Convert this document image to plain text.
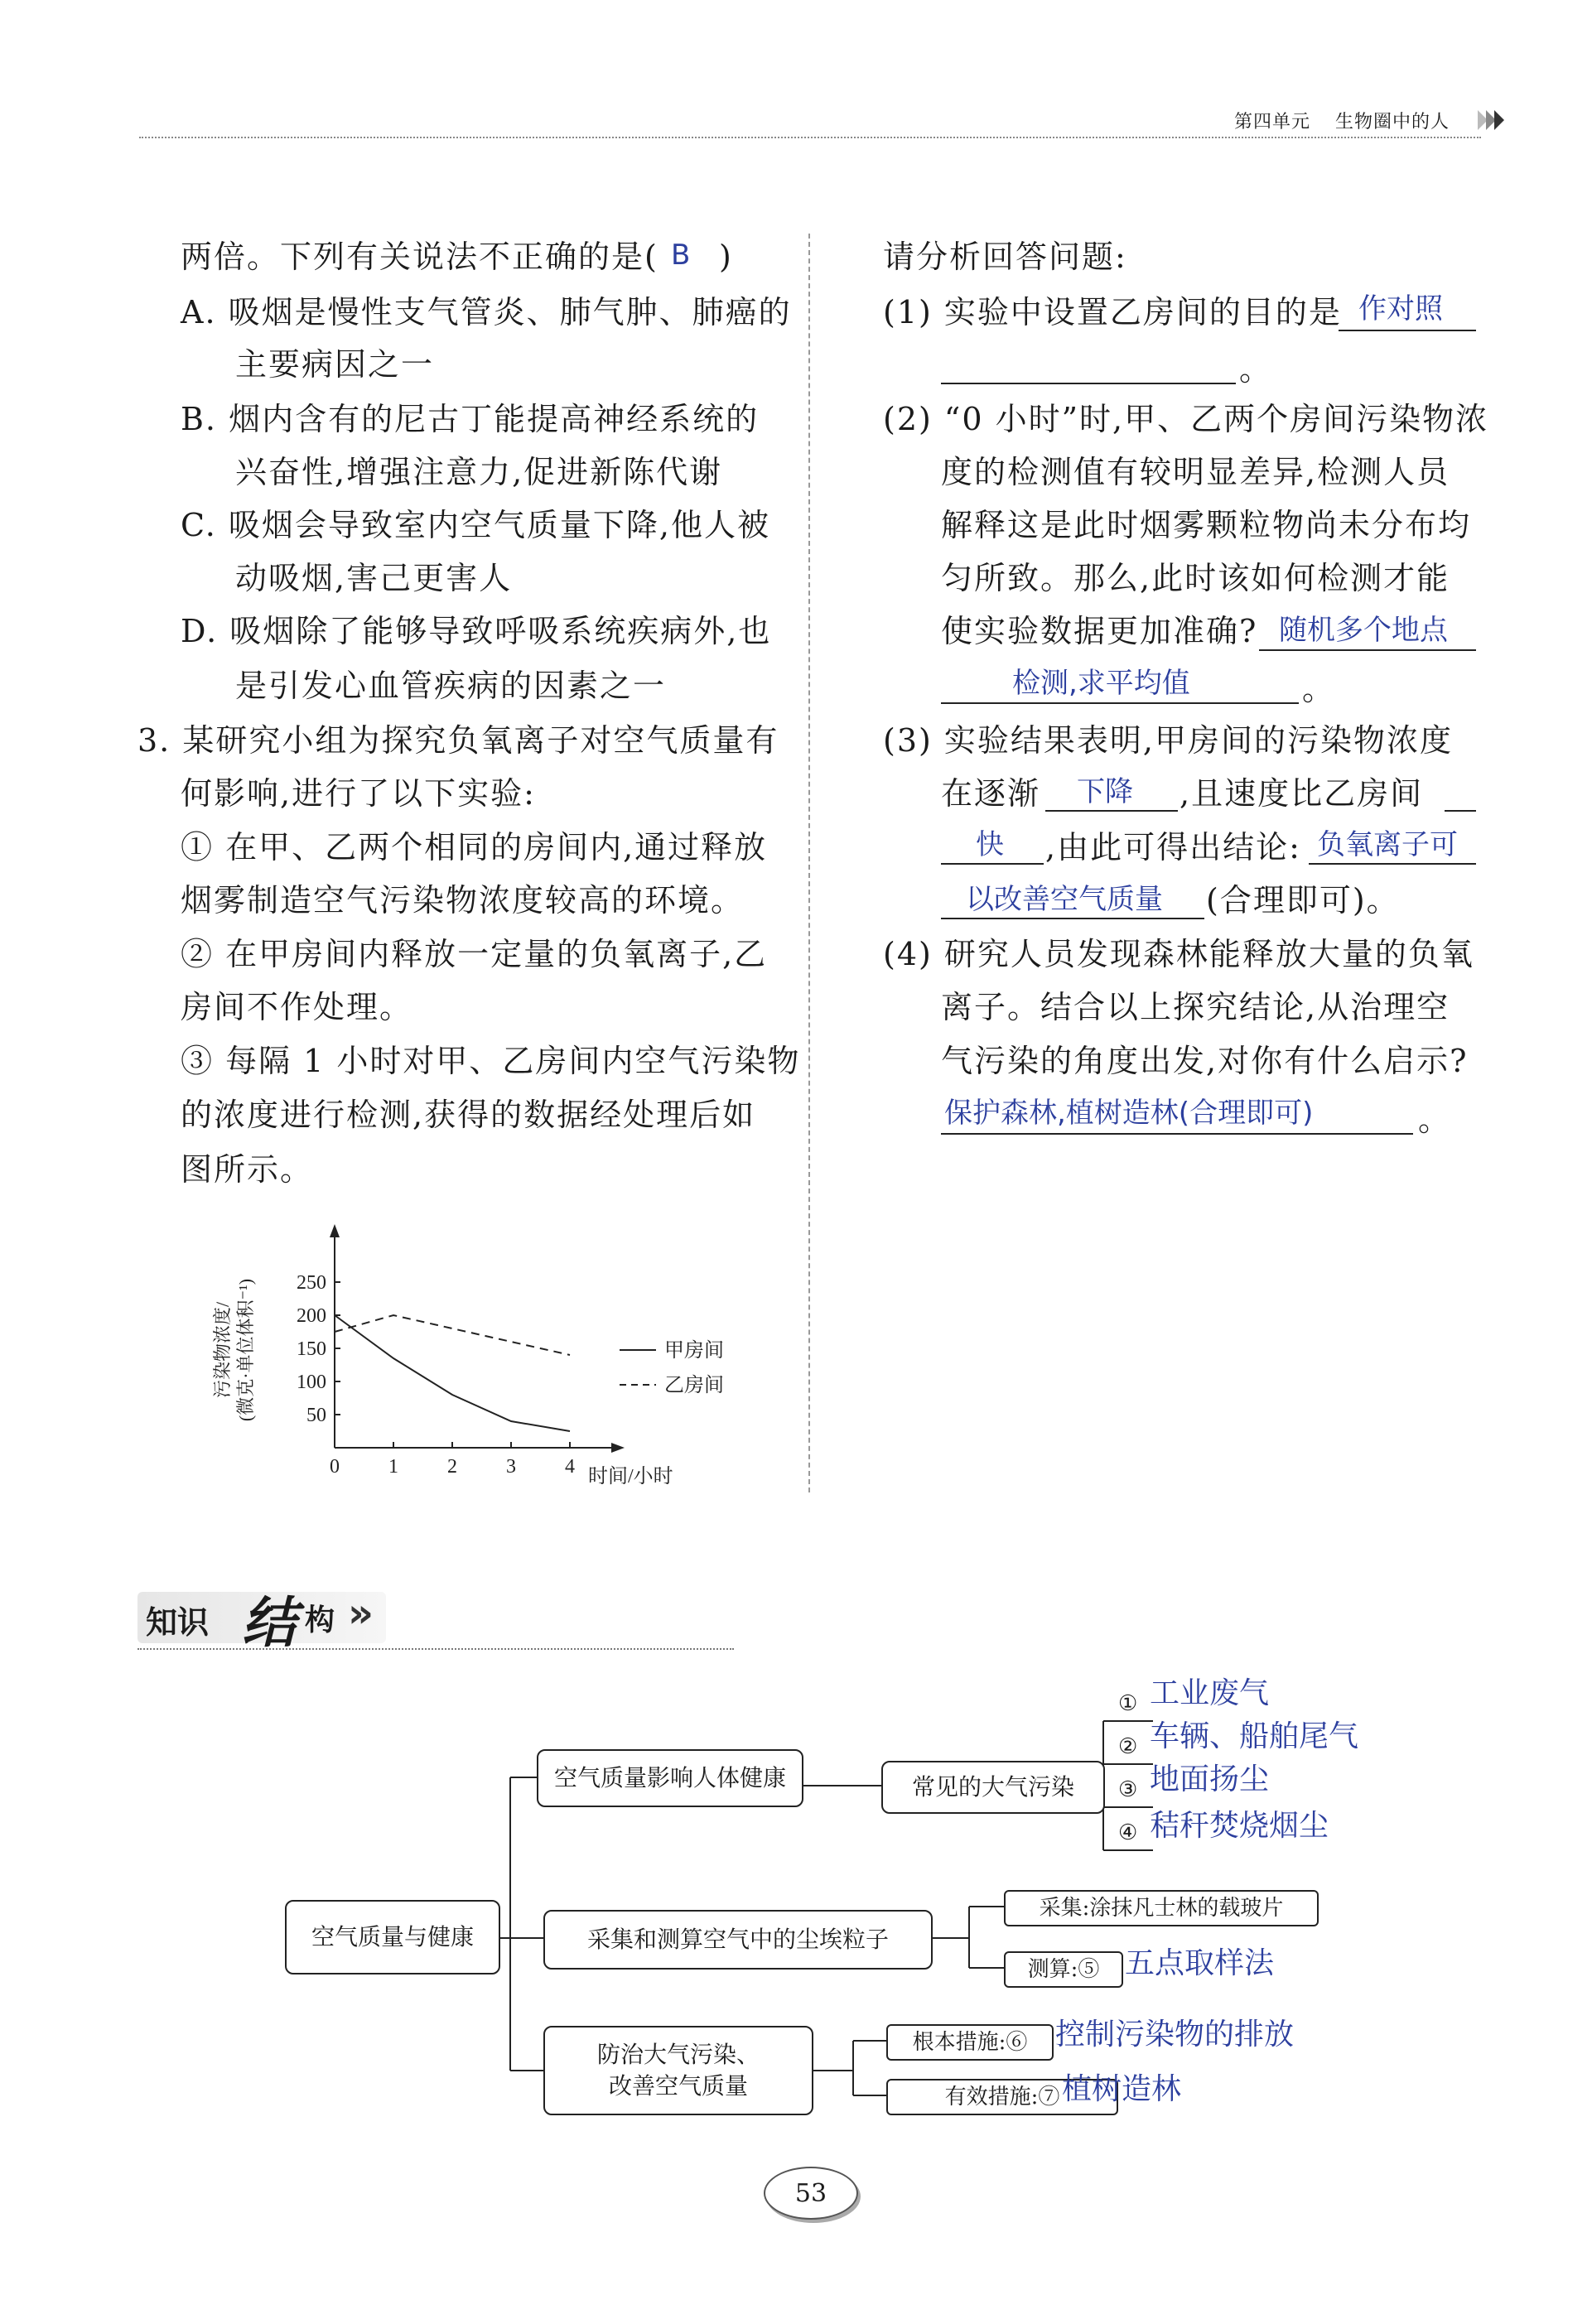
第四单元 生物圈中的人
两倍。下列有关说法不正确的是( B )
A. 吸烟是慢性支气管炎、肺气肿、肺癌的
主要病因之一
B. 烟内含有的尼古丁能提高神经系统的
兴奋性,增强注意力,促进新陈代谢
C. 吸烟会导致室内空气质量下降,他人被
动吸烟,害己更害人
D. 吸烟除了能够导致呼吸系统疾病外,也
是引发心血管疾病的因素之一
3. 某研究小组为探究负氧离子对空气质量有
何影响,进行了以下实验:
① 在甲、乙两个相同的房间内,通过释放
烟雾制造空气污染物浓度较高的环境。
② 在甲房间内释放一定量的负氧离子,乙
房间不作处理。
③ 每隔 1 小时对甲、乙房间内空气污染物
的浓度进行检测,获得的数据经处理后如
图所示。
50
100
150
200
250
0 1 2 3 4 时间/小时
污染物浓度/ (微克·单位体积⁻¹)	甲房间
乙房间
请分析回答问题:
(1) 实验中设置乙房间的目的是 作对照
。
(2) “0 小时”时,甲、乙两个房间污染物浓
度的检测值有较明显差异,检测人员
解释这是此时烟雾颗粒物尚未分布均
匀所致。那么,此时该如何检测才能
使实验数据更加准确? 随机多个地点
检测,求平均值	。
(3) 实验结果表明,甲房间的污染物浓度
在逐渐 下降 ,且速度比乙房间
快 ,由此可得出结论: 负氧离子可
以改善空气质量 (合理即可)。
(4) 研究人员发现森林能释放大量的负氧
离子。结合以上探究结论,从治理空
气污染的角度出发,对你有什么启示?
保护森林,植树造林(合理即可)	。
知识 结 构 »
空气质量与健康
空气质量影响人体健康	常见的大气污染
① 工业废气
② 车辆、船舶尾气
③ 地面扬尘
④ 秸秆焚烧烟尘
采集和测算空气中的尘埃粒子
采集:涂抹凡士林的载玻片
测算:⑤ 五点取样法
防治大气污染、
改善空气质量
根本措施:⑥ 控制污染物的排放
有效措施:⑦ 植树造林
53
